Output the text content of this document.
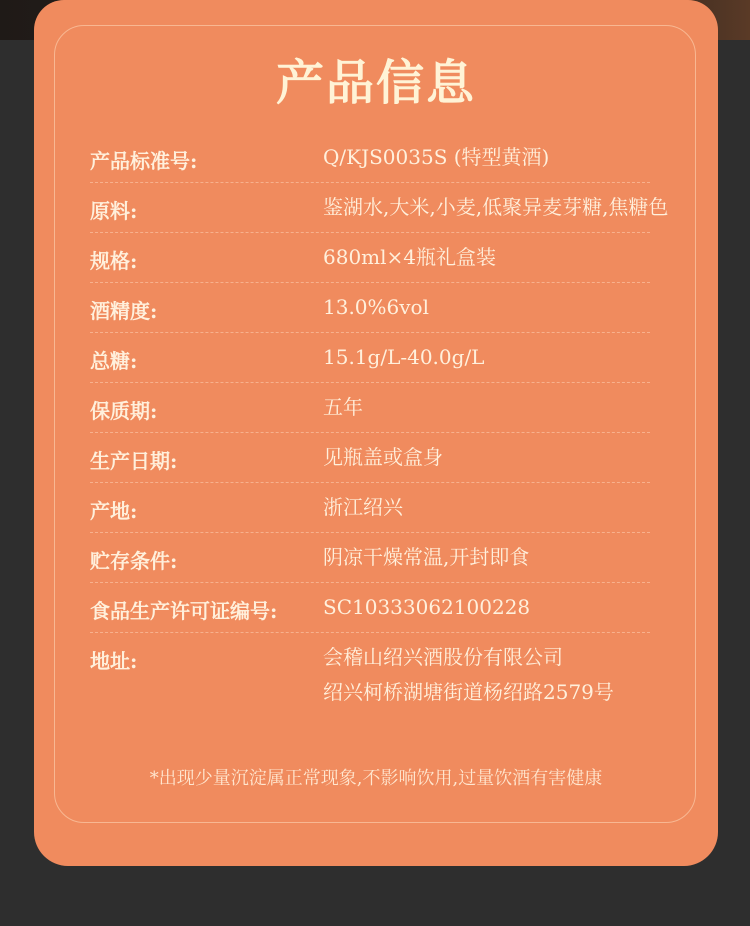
产品信息
产品标准号:	Q/KJS0035S (特型黄酒)
原料:	鉴湖水,大米,小麦,低聚异麦芽糖,焦糖色
规格:	680ml×4瓶礼盒装
酒精度:	13.0%6vol
总糖:	15.1g/L-40.0g/L
保质期:	五年
生产日期:	见瓶盖或盒身
产地:	浙江绍兴
贮存条件:	阴凉干燥常温,开封即食
食品生产许可证编号: SC10333062100228
地址:	会稽山绍兴酒股份有限公司
绍兴柯桥湖塘街道杨绍路2579号
*出现少量沉淀属正常现象,不影响饮用,过量饮酒有害健康
